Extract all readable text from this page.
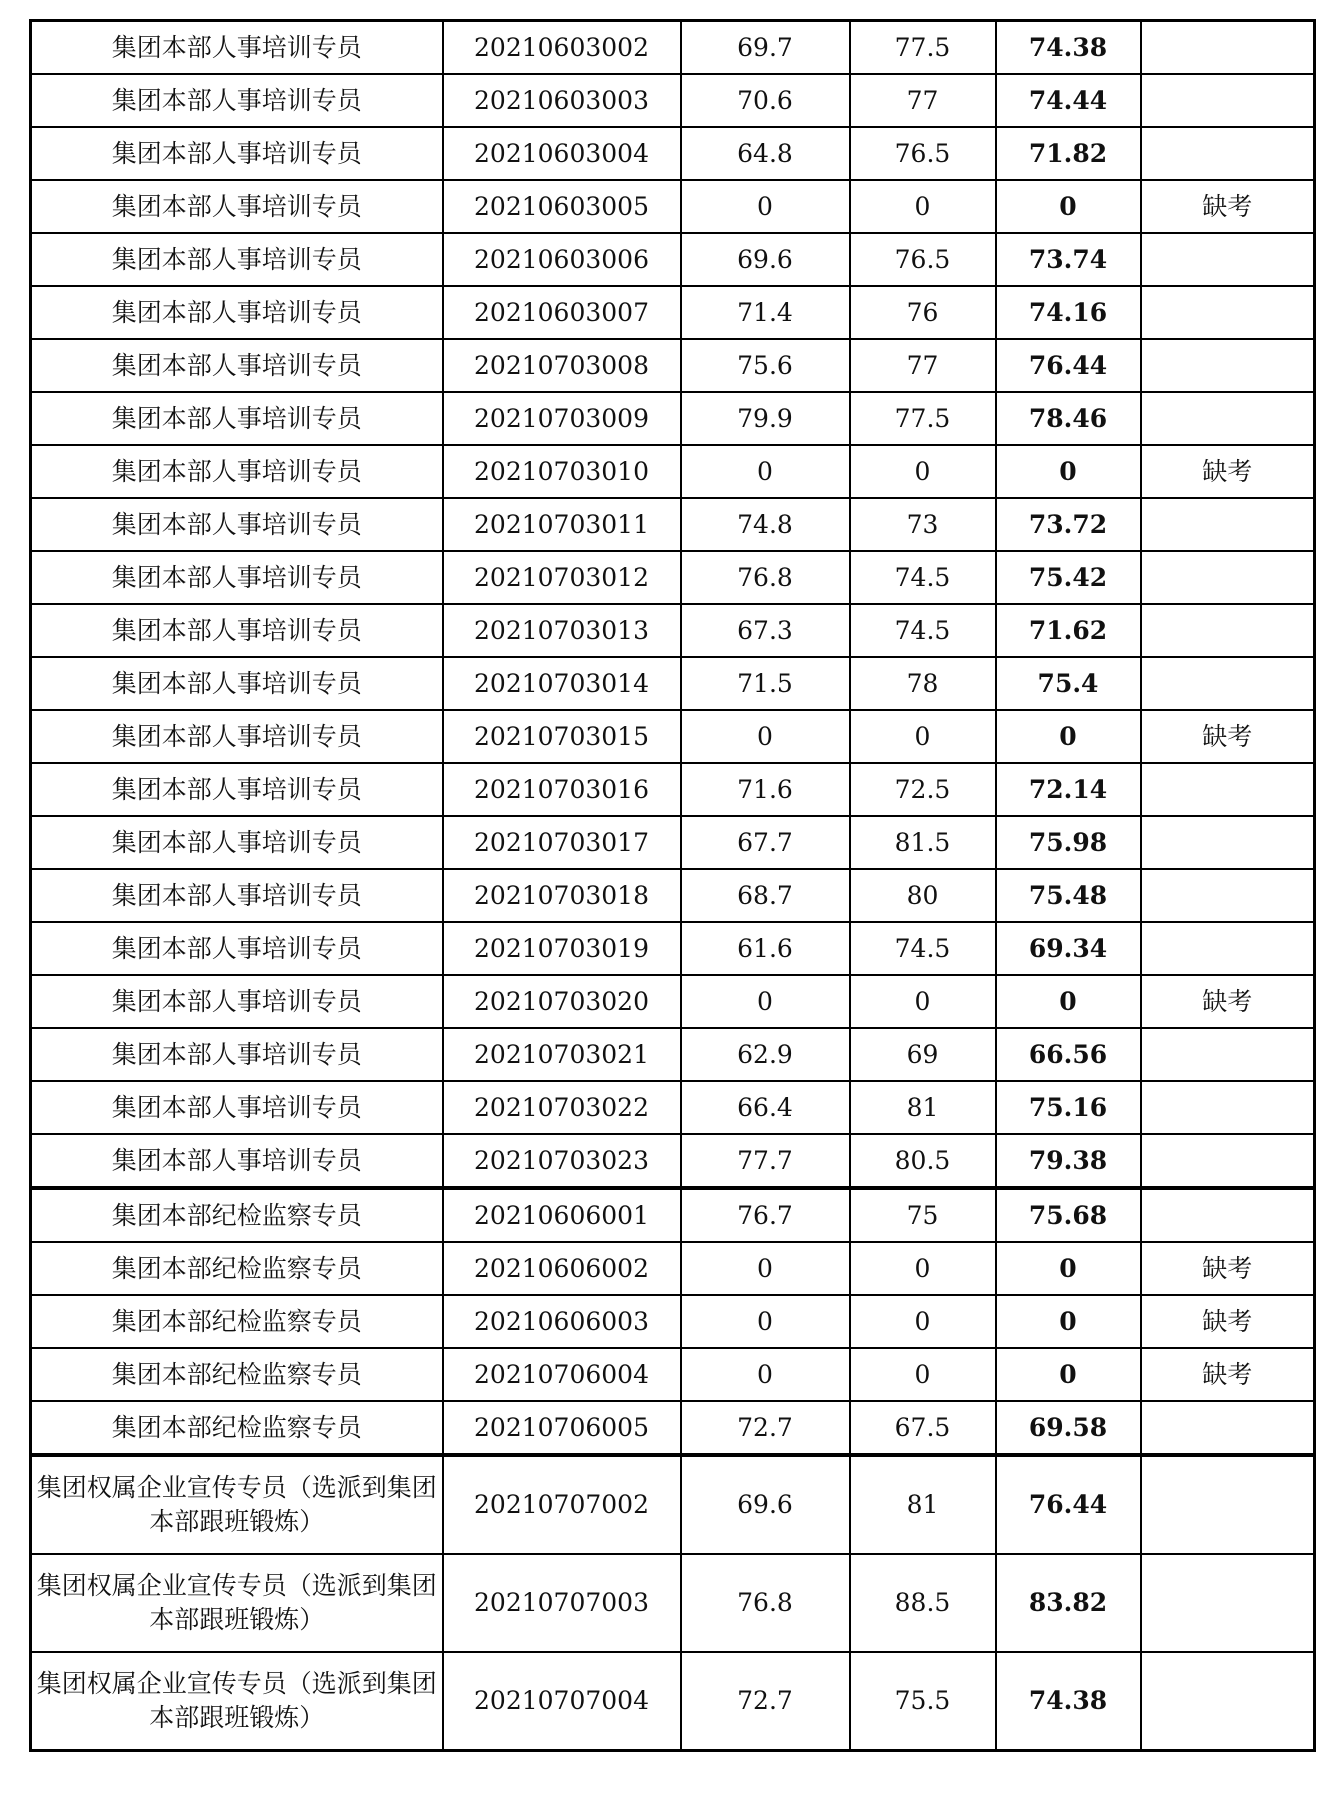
集团本部人事培训专员	20210603002	69.7	77.5	74.38	
集团本部人事培训专员	20210603003	70.6	77	74.44	
集团本部人事培训专员	20210603004	64.8	76.5	71.82	
集团本部人事培训专员	20210603005	0	0	0	缺考
集团本部人事培训专员	20210603006	69.6	76.5	73.74	
集团本部人事培训专员	20210603007	71.4	76	74.16	
集团本部人事培训专员	20210703008	75.6	77	76.44	
集团本部人事培训专员	20210703009	79.9	77.5	78.46	
集团本部人事培训专员	20210703010	0	0	0	缺考
集团本部人事培训专员	20210703011	74.8	73	73.72	
集团本部人事培训专员	20210703012	76.8	74.5	75.42	
集团本部人事培训专员	20210703013	67.3	74.5	71.62	
集团本部人事培训专员	20210703014	71.5	78	75.4	
集团本部人事培训专员	20210703015	0	0	0	缺考
集团本部人事培训专员	20210703016	71.6	72.5	72.14	
集团本部人事培训专员	20210703017	67.7	81.5	75.98	
集团本部人事培训专员	20210703018	68.7	80	75.48	
集团本部人事培训专员	20210703019	61.6	74.5	69.34	
集团本部人事培训专员	20210703020	0	0	0	缺考
集团本部人事培训专员	20210703021	62.9	69	66.56	
集团本部人事培训专员	20210703022	66.4	81	75.16	
集团本部人事培训专员	20210703023	77.7	80.5	79.38	
集团本部纪检监察专员	20210606001	76.7	75	75.68	
集团本部纪检监察专员	20210606002	0	0	0	缺考
集团本部纪检监察专员	20210606003	0	0	0	缺考
集团本部纪检监察专员	20210706004	0	0	0	缺考
集团本部纪检监察专员	20210706005	72.7	67.5	69.58	
集团权属企业宣传专员（选派到集团本部跟班锻炼）	20210707002	69.6	81	76.44	
集团权属企业宣传专员（选派到集团本部跟班锻炼）	20210707003	76.8	88.5	83.82	
集团权属企业宣传专员（选派到集团本部跟班锻炼）	20210707004	72.7	75.5	74.38	
